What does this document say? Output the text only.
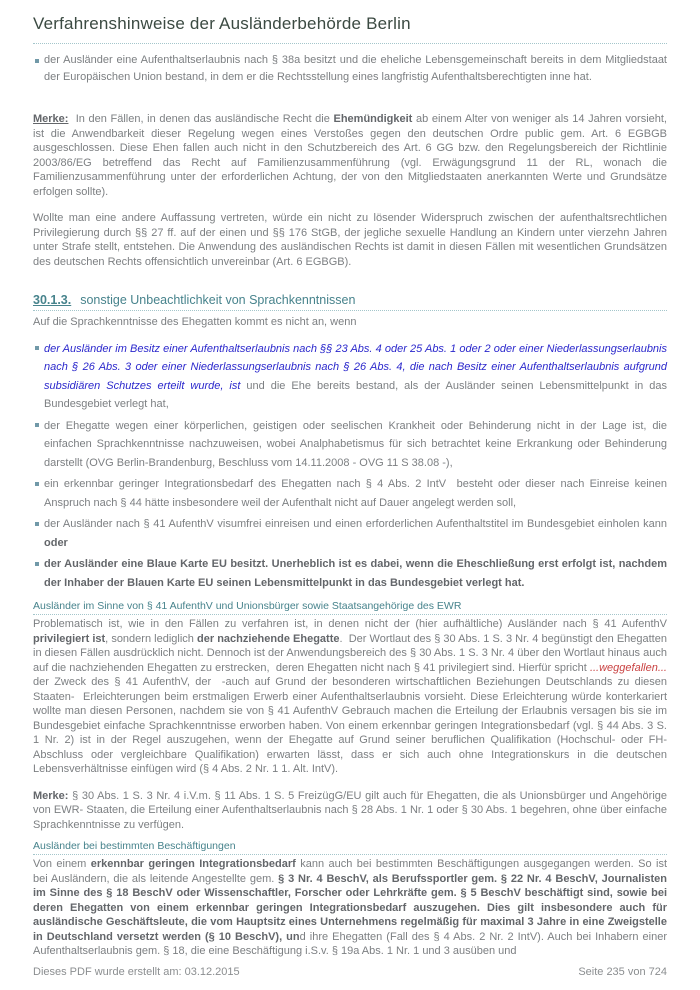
Verfahrenshinweise der Ausländerbehörde Berlin
der Ausländer eine Aufenthaltserlaubnis nach § 38a besitzt und die eheliche Lebensgemeinschaft bereits in dem Mitgliedstaat der Europäischen Union bestand, in dem er die Rechtsstellung eines langfristig Aufenthaltsberechtigten inne hat.

Merke:  In den Fällen, in denen das ausländische Recht die Ehemündigkeit ab einem Alter von weniger als 14 Jahren vorsieht, ist die Anwendbarkeit dieser Regelung wegen eines Verstoßes gegen den deutschen Ordre public gem. Art. 6 EGBGB ausgeschlossen. Diese Ehen fallen auch nicht in den Schutzbereich des Art. 6 GG bzw. den Regelungsbereich der Richtlinie 2003/86/EG betreffend das Recht auf Familienzusammenführung (vgl. Erwägungsgrund 11 der RL, wonach die Familienzusammenführung unter der erforderlichen Achtung, der von den Mitgliedstaaten anerkannten Werte und Grundsätze erfolgen sollte).

Wollte man eine andere Auffassung vertreten, würde ein nicht zu lösender Widerspruch zwischen der aufenthaltsrechtlichen Privilegierung durch §§ 27 ff. auf der einen und §§ 176 StGB, der jegliche sexuelle Handlung an Kindern unter vierzehn Jahren unter Strafe stellt, entstehen. Die Anwendung des ausländischen Rechts ist damit in diesen Fällen mit wesentlichen Grundsätzen des deutschen Rechts offensichtlich unvereinbar (Art. 6 EGBGB).

30.1.3. sonstige Unbeachtlichkeit von Sprachkenntnissen

Auf die Sprachkenntnisse des Ehegatten kommt es nicht an, wenn

der Ausländer im Besitz einer Aufenthaltserlaubnis nach §§ 23 Abs. 4 oder 25 Abs. 1 oder 2 oder einer Niederlassungserlaubnis nach § 26 Abs. 3 oder einer Niederlassungserlaubnis nach § 26 Abs. 4, die nach Besitz einer Aufenthaltserlaubnis aufgrund subsidiären Schutzes erteilt wurde, ist und die Ehe bereits bestand, als der Ausländer seinen Lebensmittelpunkt in das Bundesgebiet verlegt hat,
der Ehegatte wegen einer körperlichen, geistigen oder seelischen Krankheit oder Behinderung nicht in der Lage ist, die einfachen Sprachkenntnisse nachzuweisen, wobei Analphabetismus für sich betrachtet keine Erkrankung oder Behinderung darstellt (OVG Berlin-Brandenburg, Beschluss vom 14.11.2008 - OVG 11 S 38.08 -),
ein erkennbar geringer Integrationsbedarf des Ehegatten nach § 4 Abs. 2 IntV  besteht oder dieser nach Einreise keinen Anspruch nach § 44 hätte insbesondere weil der Aufenthalt nicht auf Dauer angelegt werden soll,
der Ausländer nach § 41 AufenthV visumfrei einreisen und einen erforderlichen Aufenthaltstitel im Bundesgebiet einholen kann oder
der Ausländer eine Blaue Karte EU besitzt. Unerheblich ist es dabei, wenn die Eheschließung erst erfolgt ist, nachdem der Inhaber der Blauen Karte EU seinen Lebensmittelpunkt in das Bundesgebiet verlegt hat.
Ausländer im Sinne von § 41 AufenthV und Unionsbürger sowie Staatsangehörige des EWR

Problematisch ist, wie in den Fällen zu verfahren ist, in denen nicht der (hier aufhältliche) Ausländer nach § 41 AufenthV privilegiert ist, sondern lediglich der nachziehende Ehegatte.  Der Wortlaut des § 30 Abs. 1 S. 3 Nr. 4 begünstigt den Ehegatten in diesen Fällen ausdrücklich nicht. Dennoch ist der Anwendungsbereich des § 30 Abs. 1 S. 3 Nr. 4 über den Wortlaut hinaus auch auf die nachziehenden Ehegatten zu erstrecken,  deren Ehegatten nicht nach § 41 privilegiert sind. Hierfür spricht ...weggefallen... der Zweck des § 41 AufenthV, der  -auch auf Grund der besonderen wirtschaftlichen Beziehungen Deutschlands zu diesen Staaten-  Erleichterungen beim erstmaligen Erwerb einer Aufenthaltserlaubnis vorsieht. Diese Erleichterung würde konterkariert wollte man diesen Personen, nachdem sie von § 41 AufenthV Gebrauch machen die Erteilung der Erlaubnis versagen bis sie im Bundesgebiet einfache Sprachkenntnisse erworben haben. Von einem erkennbar geringen Integrationsbedarf (vgl. § 44 Abs. 3 S. 1 Nr. 2) ist in der Regel auszugehen, wenn der Ehegatte auf Grund seiner beruflichen Qualifikation (Hochschul- oder FH- Abschluss oder vergleichbare Qualifikation) erwarten lässt, dass er sich auch ohne Integrationskurs in die deutschen Lebensverhältnisse einfügen wird (§ 4 Abs. 2 Nr. 1 1. Alt. IntV).

Merke: § 30 Abs. 1 S. 3 Nr. 4 i.V.m. § 11 Abs. 1 S. 5 FreizügG/EU gilt auch für Ehegatten, die als Unionsbürger und Angehörige von EWR- Staaten, die Erteilung einer Aufenthaltserlaubnis nach § 28 Abs. 1 Nr. 1 oder § 30 Abs. 1 begehren, ohne über einfache Sprachkenntnisse zu verfügen.

Ausländer bei bestimmten Beschäftigungen

Von einem erkennbar geringen Integrationsbedarf kann auch bei bestimmten Beschäftigungen ausgegangen werden. So ist bei Ausländern, die als leitende Angestellte gem. § 3 Nr. 4 BeschV, als Berufssportler gem. § 22 Nr. 4 BeschV, Journalisten im Sinne des § 18 BeschV oder Wissenschaftler, Forscher oder Lehrkräfte gem. § 5 BeschV beschäftigt sind, sowie bei deren Ehegatten von einem erkennbar geringen Integrationsbedarf auszugehen. Dies gilt insbesondere auch für ausländische Geschäftsleute, die vom Hauptsitz eines Unternehmens regelmäßig für maximal 3 Jahre in eine Zweigstelle in Deutschland versetzt werden (§ 10 BeschV), und ihre Ehegatten (Fall des § 4 Abs. 2 Nr. 2 IntV). Auch bei Inhabern einer Aufenthaltserlaubnis gem. § 18, die eine Beschäftigung i.S.v. § 19a Abs. 1 Nr. 1 und 3 ausüben und

Dieses PDF wurde erstellt am: 03.12.2015	Seite 235 von 724
